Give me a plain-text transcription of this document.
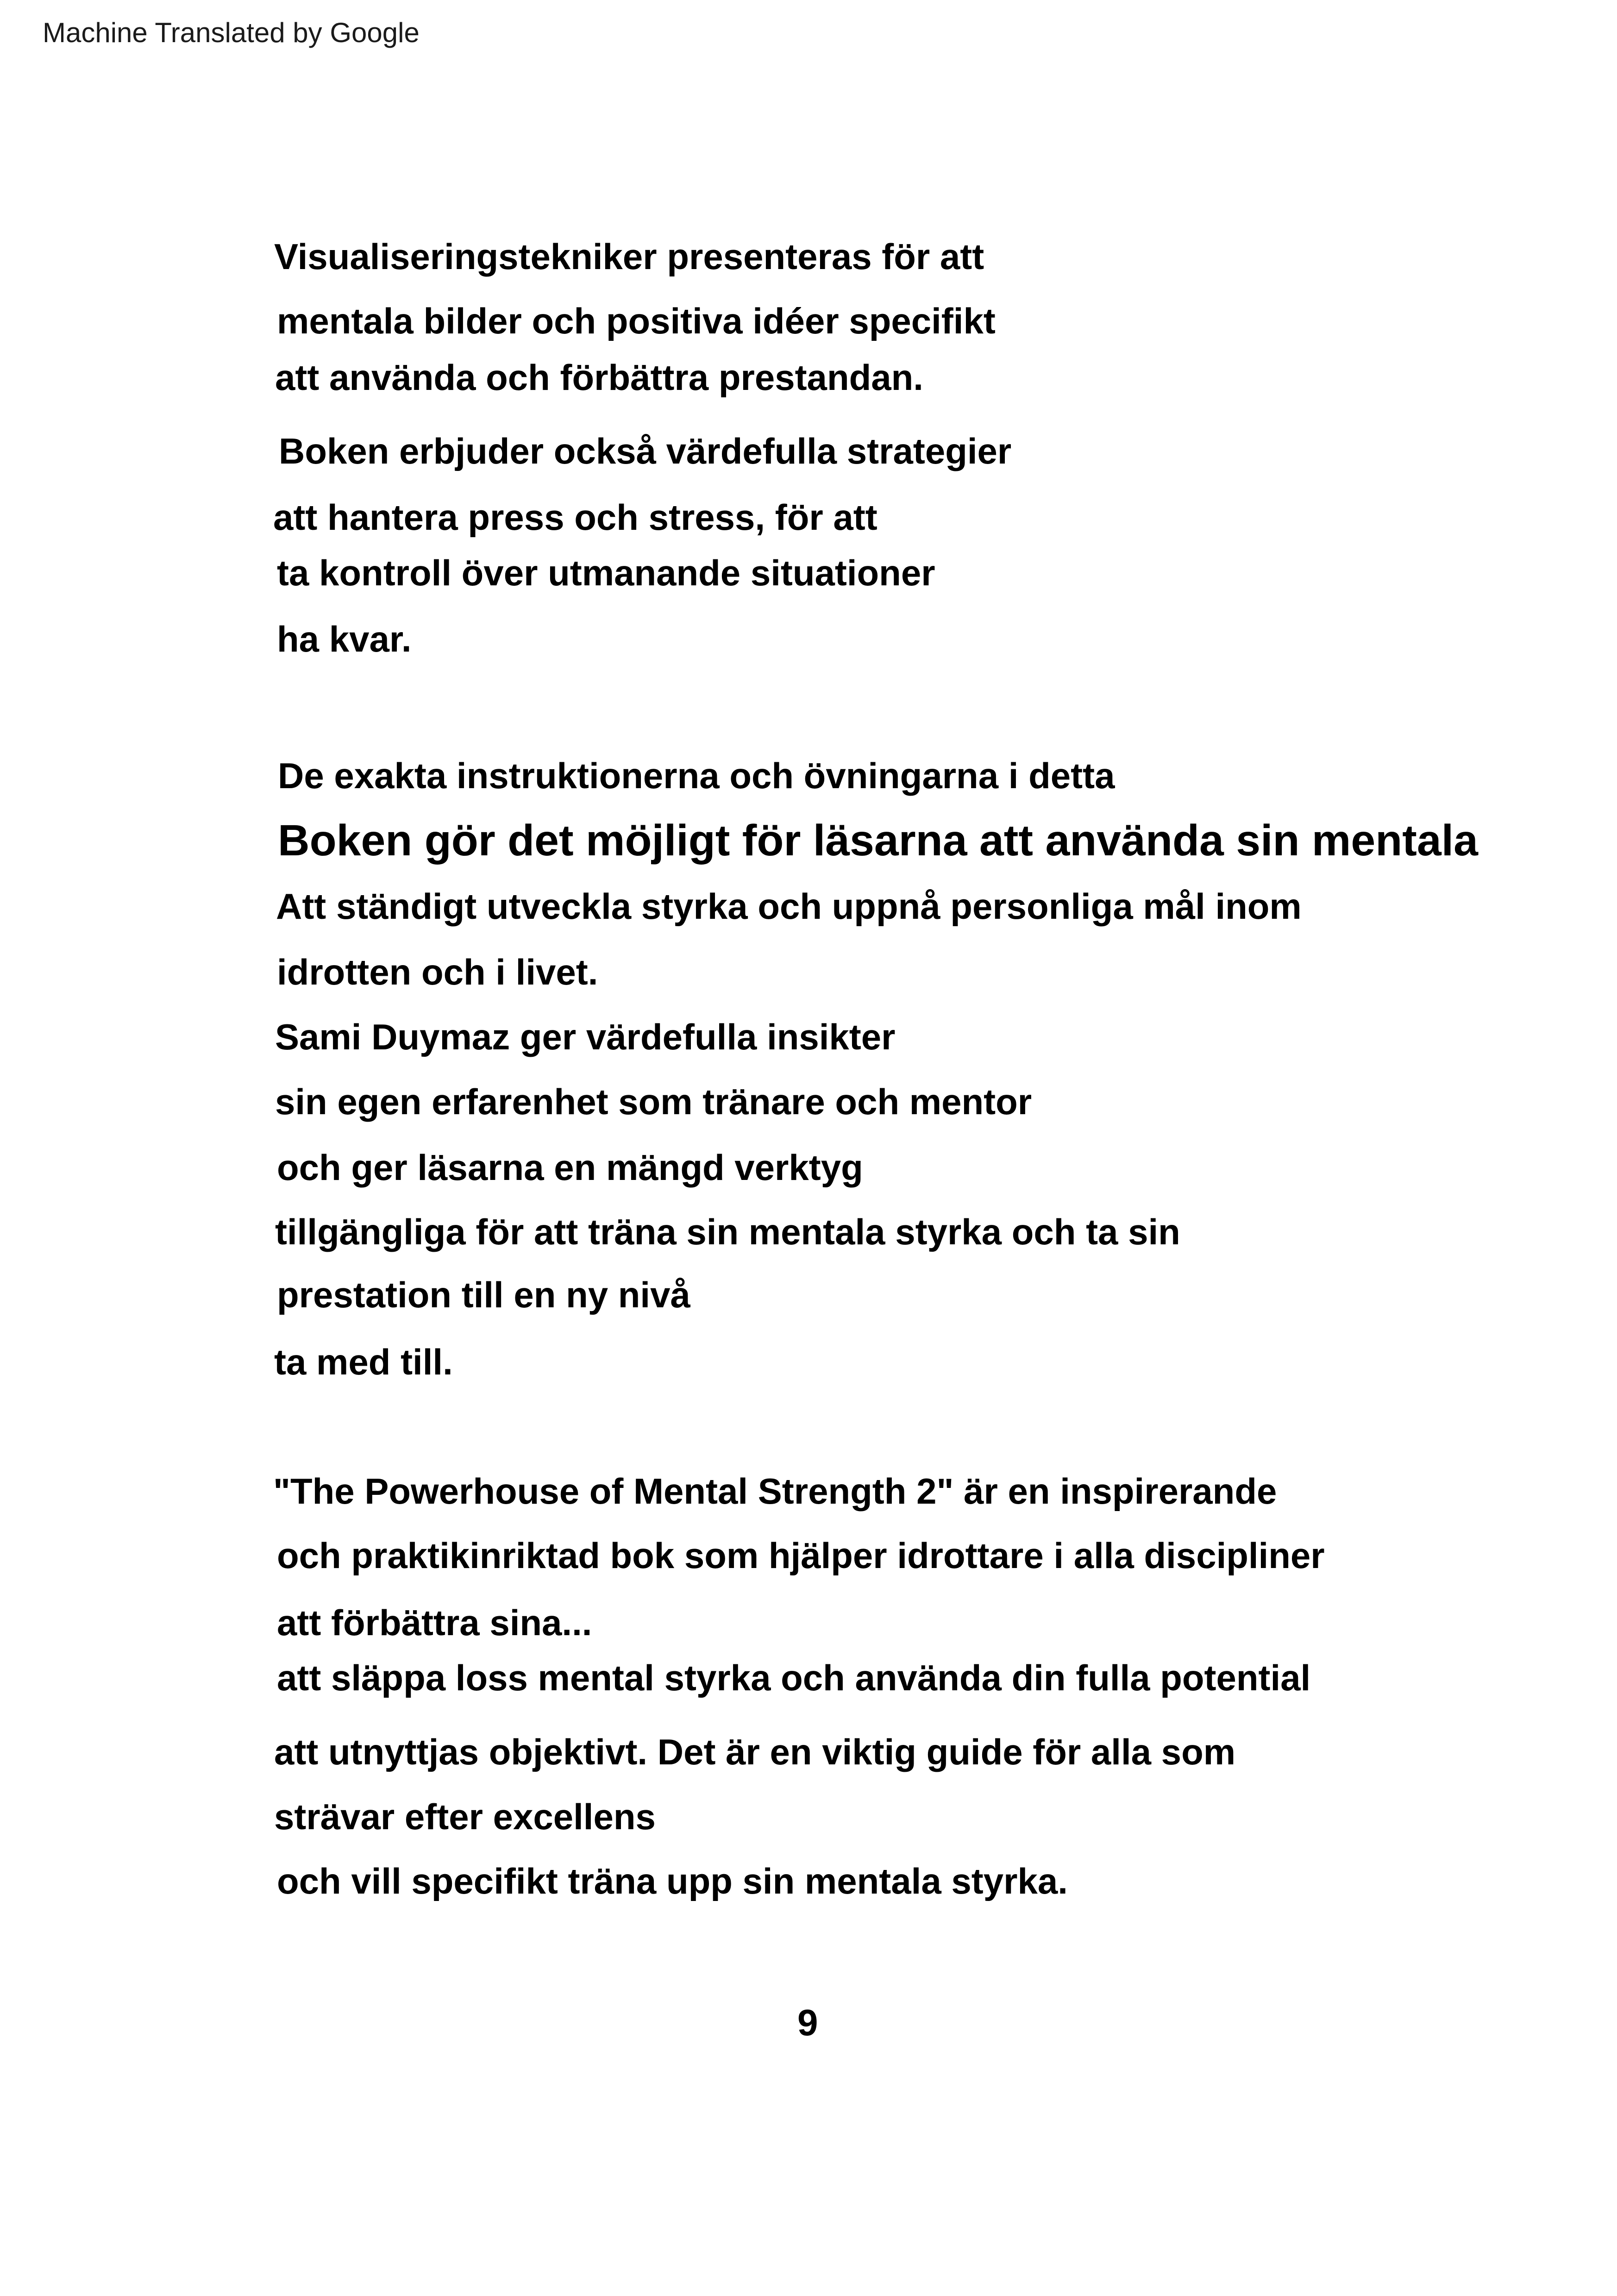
Machine Translated by Google
Visualiseringstekniker presenteras för att
mentala bilder och positiva idéer specifikt
att använda och förbättra prestandan.
Boken erbjuder också värdefulla strategier
att hantera press och stress, för att
ta kontroll över utmanande situationer
ha kvar.
De exakta instruktionerna och övningarna i detta
Boken gör det möjligt för läsarna att använda sin mentala
Att ständigt utveckla styrka och uppnå personliga mål inom
idrotten och i livet.
Sami Duymaz ger värdefulla insikter
sin egen erfarenhet som tränare och mentor
och ger läsarna en mängd verktyg
tillgängliga för att träna sin mentala styrka och ta sin
prestation till en ny nivå
ta med till.
"The Powerhouse of Mental Strength 2" är en inspirerande
och praktikinriktad bok som hjälper idrottare i alla discipliner
att förbättra sina...
att släppa loss mental styrka och använda din fulla potential
att utnyttjas objektivt. Det är en viktig guide för alla som
strävar efter excellens
och vill specifikt träna upp sin mentala styrka.
9
